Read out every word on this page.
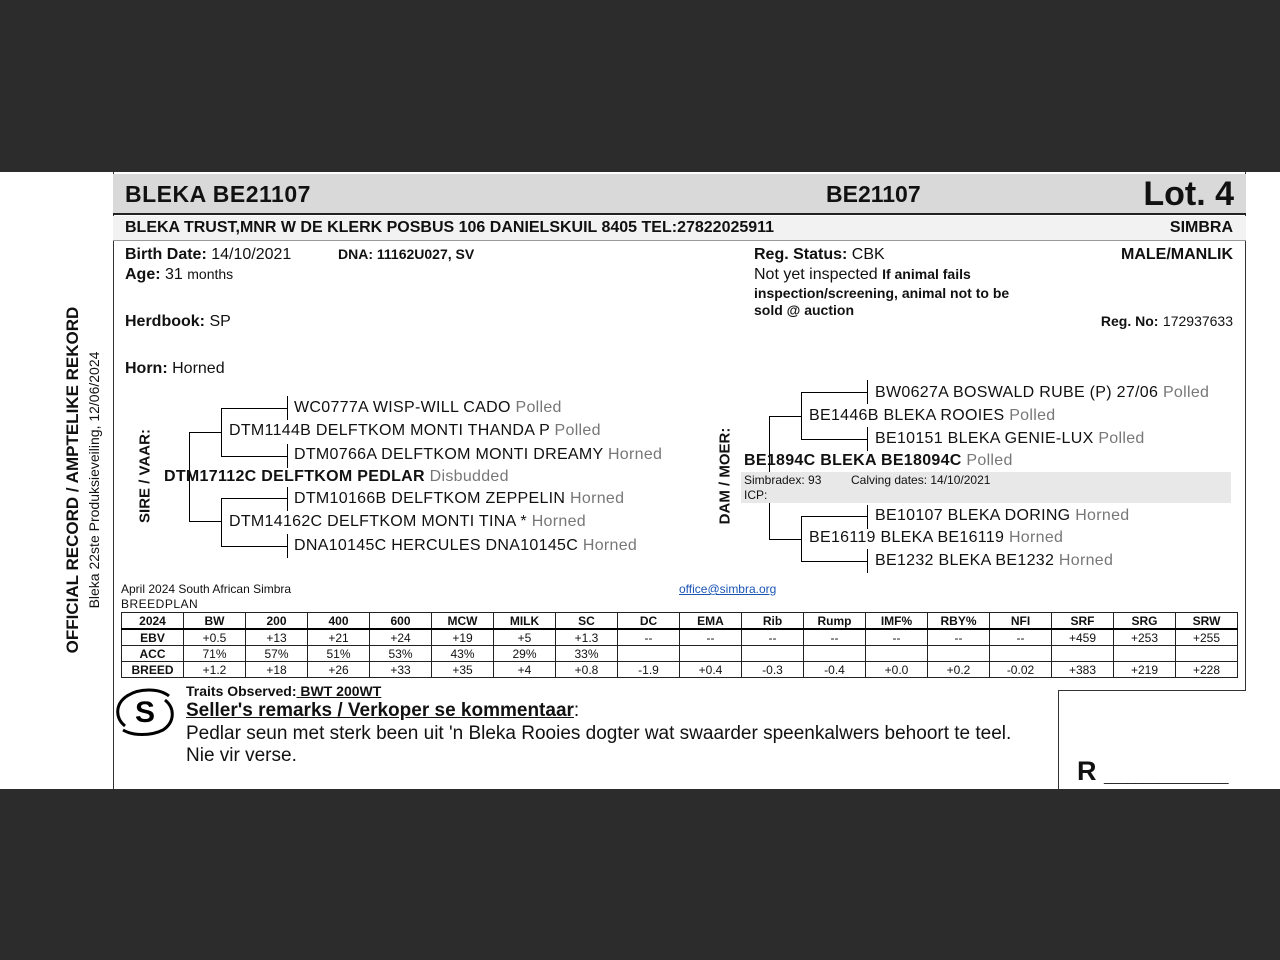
OFFICIAL RECORD / AMPTELIKE REKORD Bleka 22ste Produksieveiling, 12/06/2024
BLEKA BE21107	BE21107	Lot. 4
BLEKA TRUST,MNR W DE KLERK POSBUS 106 DANIELSKUIL 8405 TEL:27822025911	SIMBRA
Birth Date: 14/10/2021
Age: 31 months
DNA: 11162U027, SV
Herdbook: SP
Horn: Horned
Reg. Status: CBK
Not yet inspected If animal fails
inspection/screening, animal not to be
sold @ auction
MALE/MANLIK
Reg. No: 172937633
SIRE / VAAR:
WC0777A WISP-WILL CADO Polled
DTM1144B DELFTKOM MONTI THANDA P Polled
DTM0766A DELFTKOM MONTI DREAMY Horned
DTM17112C DELFTKOM PEDLAR Disbudded
DTM10166B DELFTKOM ZEPPELIN Horned
DTM14162C DELFTKOM MONTI TINA * Horned
DNA10145C HERCULES DNA10145C Horned
DAM / MOER:
BW0627A BOSWALD RUBE (P) 27/06 Polled
BE1446B BLEKA ROOIES Polled
BE10151 BLEKA GENIE-LUX Polled
BE1894C BLEKA BE18094C Polled
Simbradex: 93 Calving dates: 14/10/2021
ICP:
BE10107 BLEKA DORING Horned
BE16119 BLEKA BE16119 Horned
BE1232 BLEKA BE1232 Horned
April 2024 South African Simbra
BREEDPLAN
office@simbra.org
2024	BW	200	400	600	MCW	MILK	SC	DC	EMA	Rib	Rump	IMF%	RBY%	NFI	SRF	SRG	SRW
EBV	+0.5	+13	+21	+24	+19	+5	+1.3	--	--	--	--	--	--	--	+459	+253	+255
ACC	71%	57%	51%	53%	43%	29%	33%										
BREED	+1.2	+18	+26	+33	+35	+4	+0.8	-1.9	+0.4	-0.3	-0.4	+0.0	+0.2	-0.02	+383	+219	+228
S
Traits Observed: BWT 200WT
Seller's remarks / Verkoper se kommentaar:
Pedlar seun met sterk been uit 'n Bleka Rooies dogter wat swaarder speenkalwers behoort te teel.
Nie vir verse.
R ________________
